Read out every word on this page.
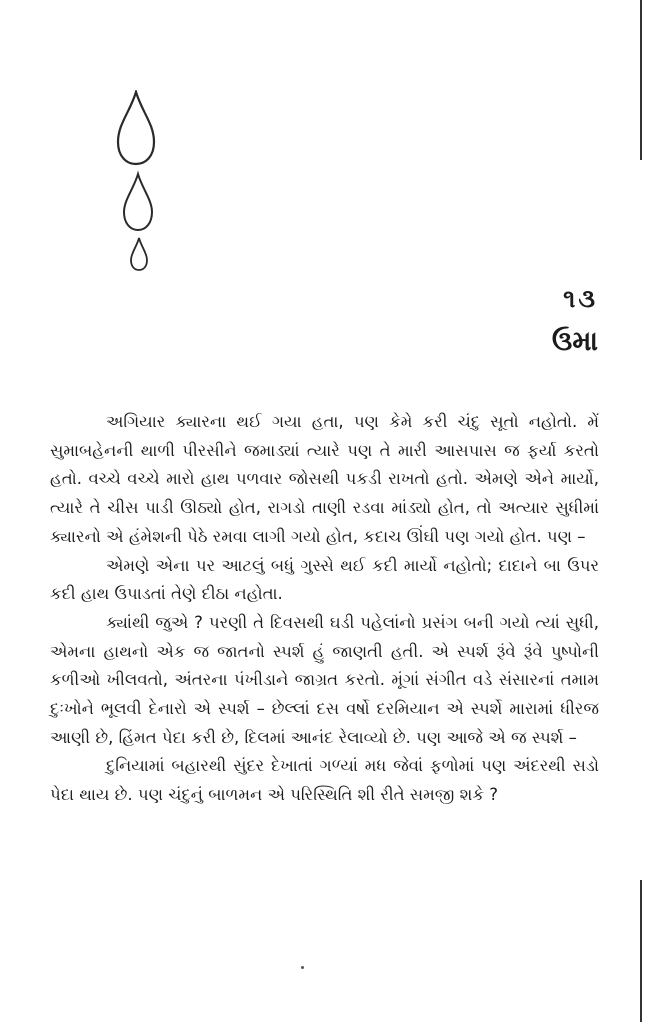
૧૩
ઉમા

અગિયાર ક્યારના થઈ ગયા હતા, પણ કેમે કરી ચંદુ સૂતો નહોતો. મેં સુમાબહેનની થાળી પીરસીને જમાડ્યાં ત્યારે પણ તે મારી આસપાસ જ ફર્યા કરતો હતો. વચ્ચે વચ્ચે મારો હાથ પળવાર જોસથી પકડી રાખતો હતો. એમણે એને માર્યો, ત્યારે તે ચીસ પાડી ઊઠ્યો હોત, રાગડો તાણી રડવા માંડ્યો હોત, તો અત્યાર સુધીમાં ક્યારનો એ હંમેશની પેઠે રમવા લાગી ગયો હોત, કદાચ ઊંઘી પણ ગયો હોત. પણ –

એમણે એના પર આટલું બધું ગુસ્સે થઈ કદી માર્યો નહોતો; દાદાને બા ઉપર કદી હાથ ઉપાડતાં તેણે દીઠા નહોતા.

ક્યાંથી જુએ ? પરણી તે દિવસથી ઘડી પહેલાંનો પ્રસંગ બની ગયો ત્યાં સુધી, એમના હાથનો એક જ જાતનો સ્પર્શ હું જાણતી હતી. એ સ્પર્શ રૂંવે રૂંવે પુષ્પોની કળીઓ ખીલવતો, અંતરના પંખીડાને જાગ્રત કરતો. મૂંગાં સંગીત વડે સંસારનાં તમામ દુઃખોને ભૂલવી દેનારો એ સ્પર્શ – છેલ્લાં દસ વર્ષો દરમિયાન એ સ્પર્શે મારામાં ધીરજ આણી છે, હિંમત પેદા કરી છે, દિલમાં આનંદ રેલાવ્યો છે. પણ આજે એ જ સ્પર્શ –

દુનિયામાં બહારથી સુંદર દેખાતાં ગળ્યાં મધ જેવાં ફળોમાં પણ અંદરથી સડો પેદા થાય છે. પણ ચંદુનું બાળમન એ પરિસ્થિતિ શી રીતે સમજી શકે ?
